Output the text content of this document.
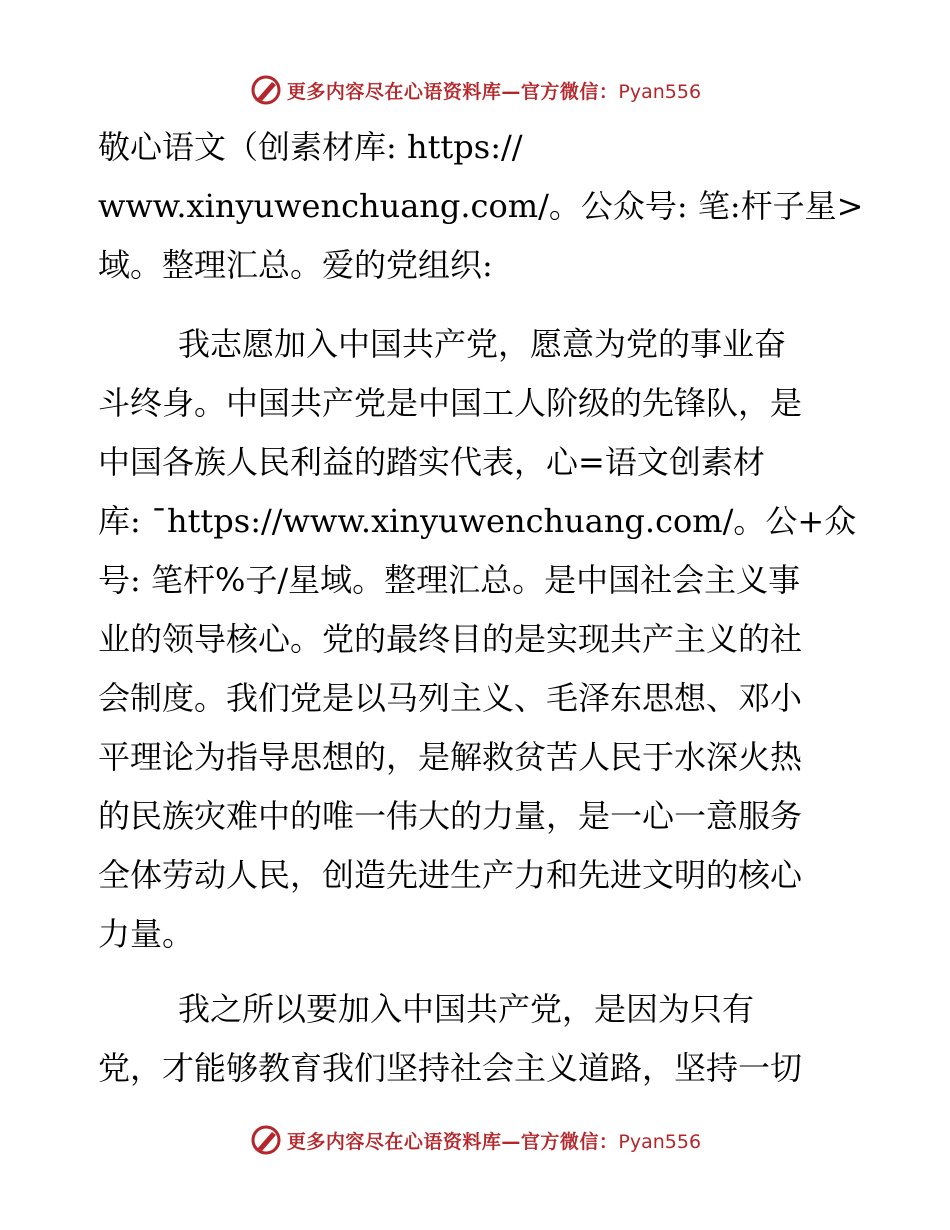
更多内容尽在心语资料库—官方微信：Pyan556
敬心语文（创素材库: https://
www.xinyuwenchuang.com/。公众号: 笔:杆子星>
域。整理汇总。爱的党组织:
我志愿加入中国共产党，愿意为党的事业奋
斗终身。中国共产党是中国工人阶级的先锋队，是
中国各族人民利益的踏实代表，心=语文创素材
库: ¯https://www.xinyuwenchuang.com/。公+众
号: 笔杆%子/星域。整理汇总。是中国社会主义事
业的领导核心。党的最终目的是实现共产主义的社
会制度。我们党是以马列主义、毛泽东思想、邓小
平理论为指导思想的，是解救贫苦人民于水深火热
的民族灾难中的唯一伟大的力量，是一心一意服务
全体劳动人民，创造先进生产力和先进文明的核心
力量。
我之所以要加入中国共产党，是因为只有
党，才能够教育我们坚持社会主义道路，坚持一切
更多内容尽在心语资料库—官方微信：Pyan556
